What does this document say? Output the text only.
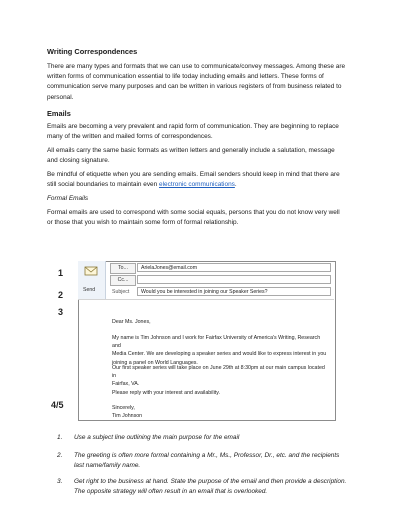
Writing Correspondences
There are many types and formats that we can use to communicate/convey messages. Among these are
written forms of communication essential to life today including emails and letters. These forms of
communication serve many purposes and can be written in various registers of from business related to
personal.
Emails
Emails are becoming a very prevalent and rapid form of communication. They are beginning to replace
many of the written and mailed forms of correspondences.
All emails carry the same basic formats as written letters and generally include a salutation, message
and closing signature.
Be mindful of etiquette when you are sending emails. Email senders should keep in mind that there are
still social boundaries to maintain even electronic communications.
Formal Emails
Formal emails are used to correspond with some social equals, persons that you do not know very well
or those that you wish to maintain some form of formal relationship.
Send
To...	ArielaJones@email.com
Cc...
Subject	Would you be interested in joining our Speaker Series?
Dear Ms. Jones,
My name is Tim Johnson and I work for Fairfax University of America's Writing, Research and
Media Center. We are developing a speaker series and would like to express interest in you
joining a panel on World Languages.
Our first speaker series will take place on June 29th at 8:30pm at our main campus located in
Fairfax, VA.
Please reply with your interest and availability.
Sincerely,
Tim Johnson
1
2
3
4/5
1. Use a subject line outlining the main purpose for the email
2. The greeting is often more formal containing a Mr., Ms., Professor, Dr., etc. and the recipients
last name/family name.
3. Get right to the business at hand. State the purpose of the email and then provide a description.
The opposite strategy will often result in an email that is overlooked.
